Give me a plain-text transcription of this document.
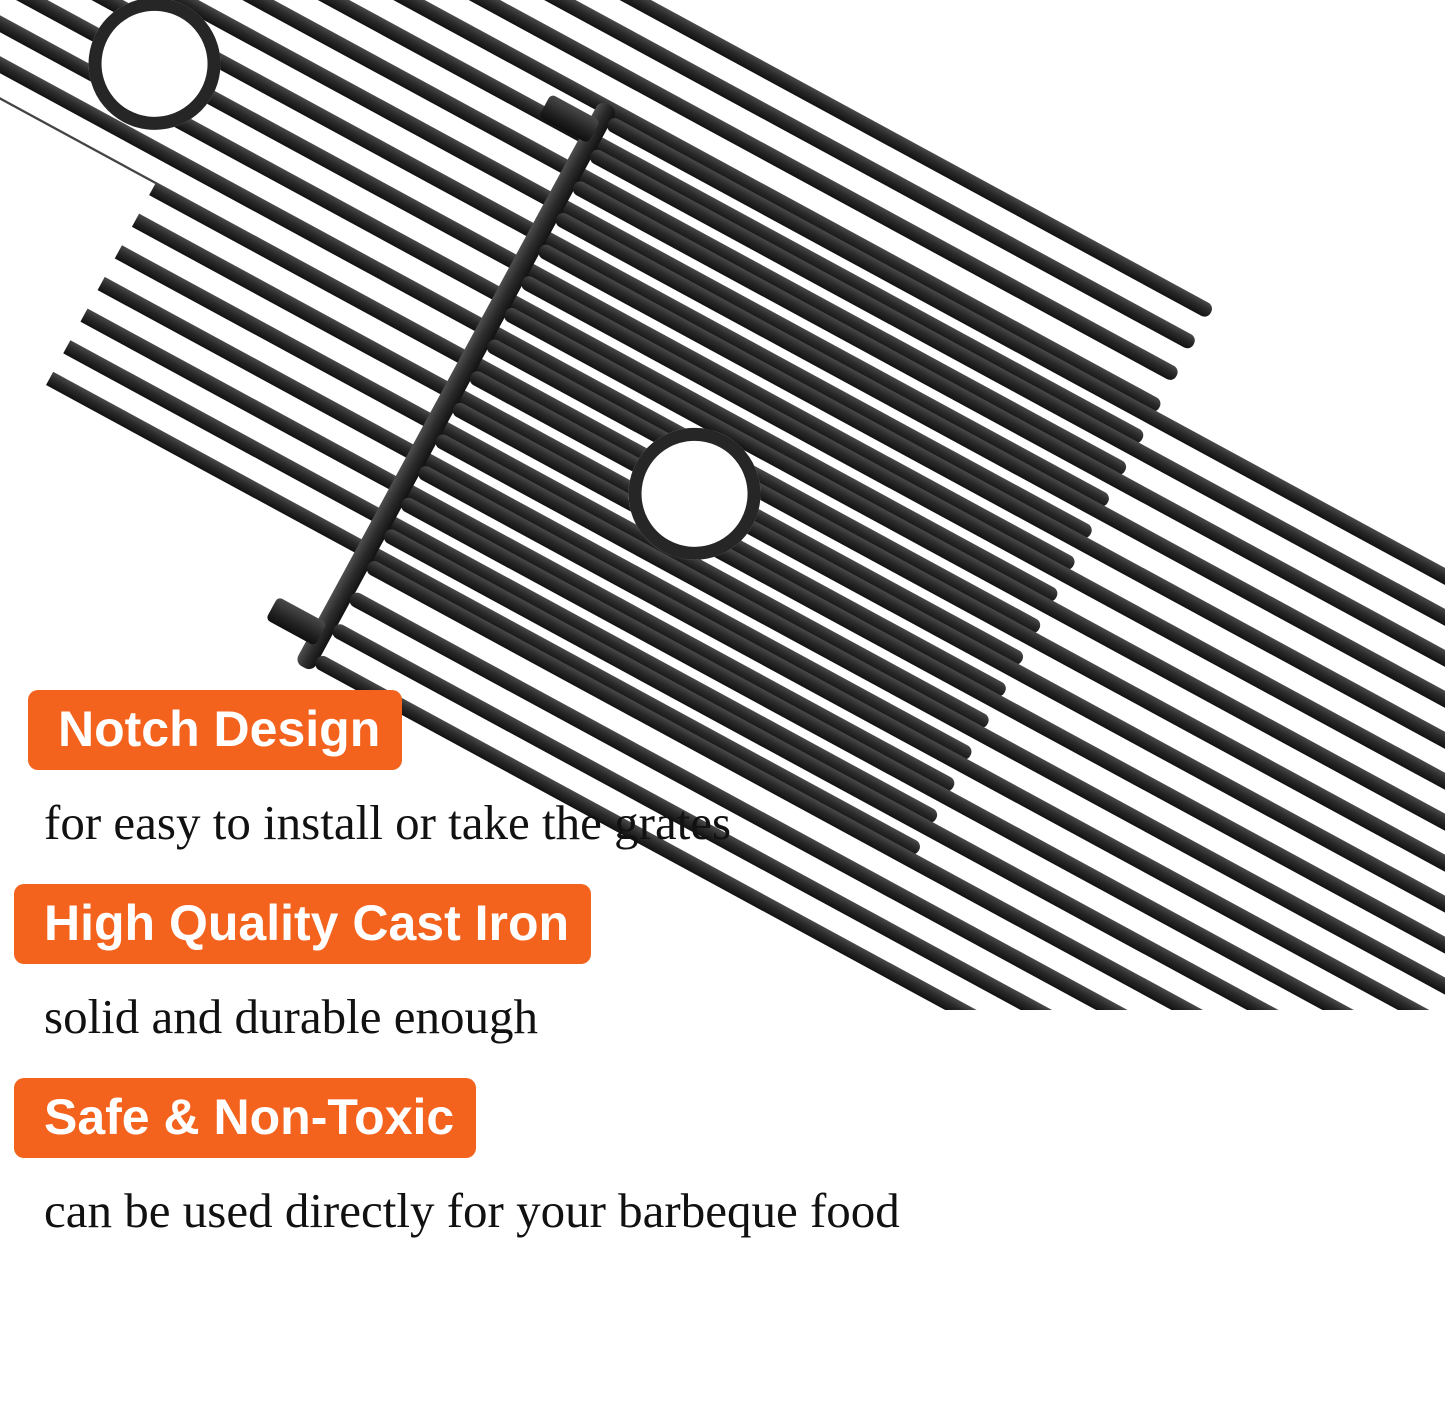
Notch Design
for easy to install or take the grates
High Quality Cast Iron
solid and durable enough
Safe & Non-Toxic
can be used directly for your barbeque food
